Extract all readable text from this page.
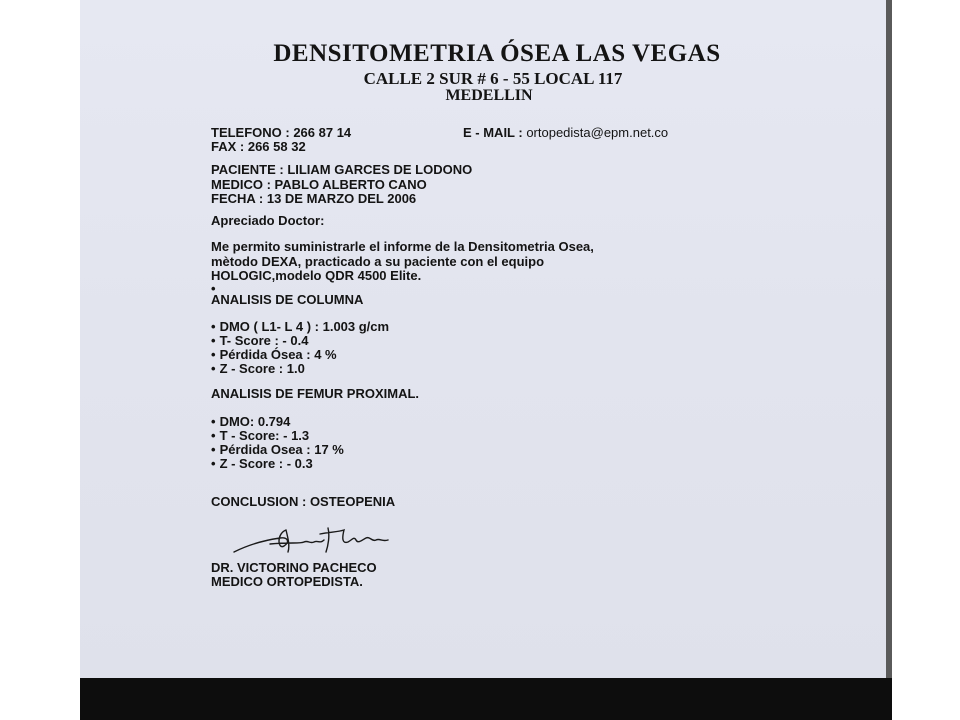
DENSITOMETRIA ÓSEA LAS VEGAS
CALLE 2 SUR # 6 - 55 LOCAL 117
MEDELLIN
TELEFONO : 266 87 14
FAX : 266 58 32
E - MAIL : ortopedista@epm.net.co
PACIENTE : LILIAM GARCES DE LODONO
MEDICO : PABLO ALBERTO CANO
FECHA : 13 DE MARZO DEL 2006
Apreciado Doctor:
Me permito suministrarle el informe de la Densitometria Osea,
mètodo DEXA, practicado a su paciente con el equipo
HOLOGIC,modelo QDR 4500 Elite.
•
ANALISIS DE COLUMNA
• DMO ( L1- L 4 ) : 1.003 g/cm
• T- Score : - 0.4
• Pérdida Ósea : 4 %
• Z - Score : 1.0
ANALISIS DE FEMUR PROXIMAL.
• DMO: 0.794
• T - Score: - 1.3
• Pérdida Osea : 17 %
• Z - Score : - 0.3
CONCLUSION : OSTEOPENIA
DR. VICTORINO PACHECO
MEDICO ORTOPEDISTA.
